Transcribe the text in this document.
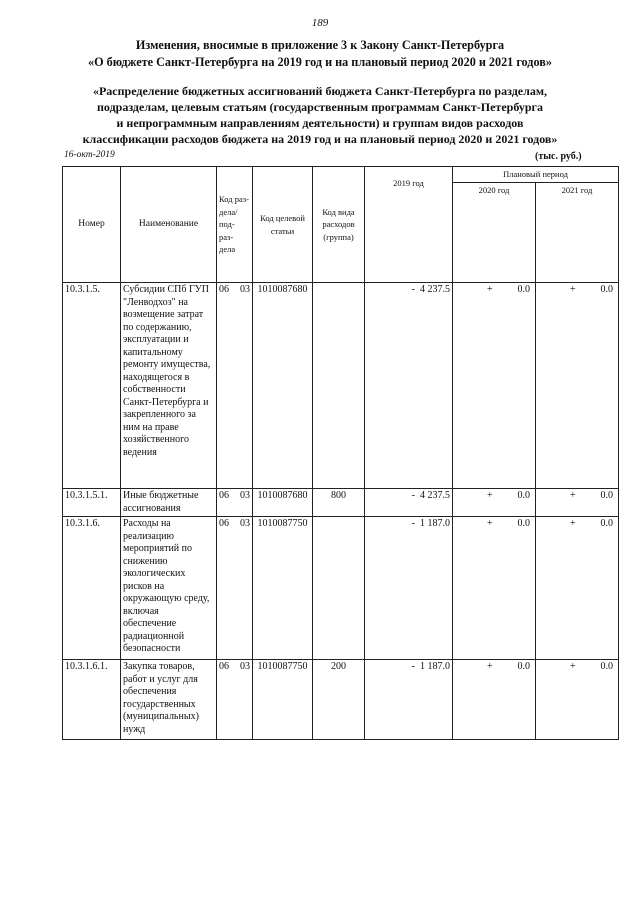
189
Изменения, вносимые в приложение 3 к Закону Санкт-Петербурга
«О бюджете Санкт-Петербурга на 2019 год и на плановый период 2020 и 2021 годов»
«Распределение бюджетных ассигнований бюджета Санкт-Петербурга по разделам,
подразделам, целевым статьям (государственным программам Санкт-Петербурга
и непрограммным направлениям деятельности) и группам видов расходов
классификации расходов бюджета на 2019 год и на плановый период 2020 и 2021 годов»
16-окт-2019	(тыс. руб.)
Номер	Наименование	Код раз- дела/ под- раз- дела	Код целевой статьи	Код вида расходов (группа)	2019 год	Плановый период	
						2020 год	2021 год
10.3.1.5.	Субсидии СПб ГУП "Ленводхоз" на возмещение затрат по содержанию, эксплуатации и капитальному ремонту имущества, находящегося в собственности Санкт-Петербурга и закрепленного за ним на праве хозяйственного ведения	06 03	1010087680		- 4 237.5	+ 0.0	+ 0.0

10.3.1.5.1.	Иные бюджетные ассигнования	06 03	1010087680	800	- 4 237.5	+ 0.0	+ 0.0

10.3.1.6.	Расходы на реализацию мероприятий по снижению экологических рисков на окружающую среду, включая обеспечение радиационной безопасности	06 03	1010087750		- 1 187.0	+ 0.0	+ 0.0

10.3.1.6.1.	Закупка товаров, работ и услуг для обеспечения государственных (муниципальных) нужд	06 03	1010087750	200	- 1 187.0	+ 0.0	+ 0.0
